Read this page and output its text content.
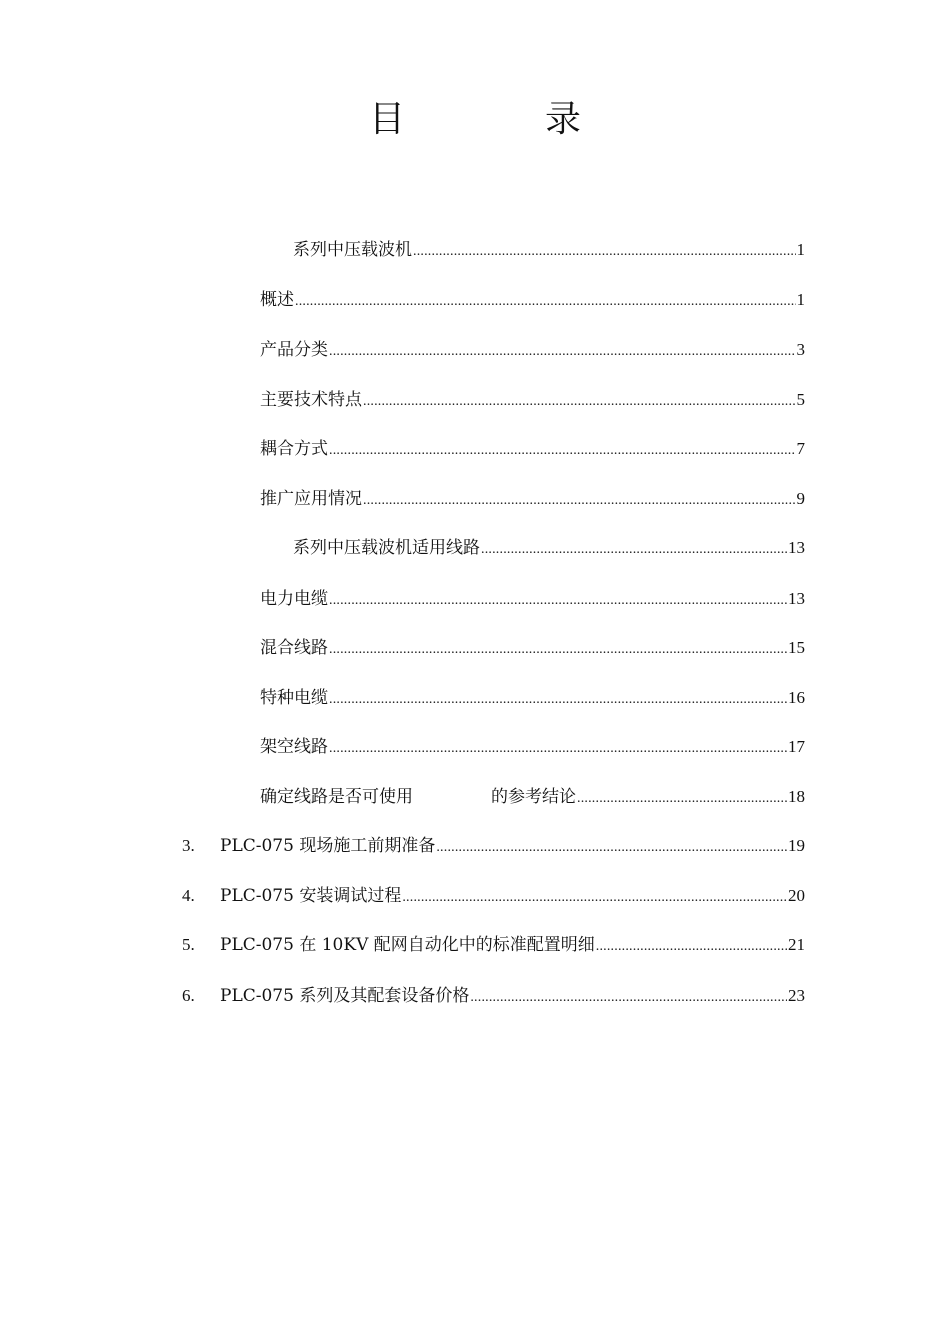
目　录
系列中压载波机 .....	1
概述 .....	1
产品分类 .....	3
主要技术特点 .....	5
耦合方式 .....	7
推广应用情况 .....	9
系列中压载波机适用线路 .....	13
电力电缆 .....	13
混合线路 .....	15
特种电缆 .....	16
架空线路 .....	17
确定线路是否可使用	的参考结论 .....	18
3.	PLC-075 现场施工前期准备 .....	19
4.	PLC-075 安装调试过程 .....	20
5.	PLC-075 在 10KV 配网自动化中的标准配置明细 .....	21
6.	PLC-075 系列及其配套设备价格 .....	23
